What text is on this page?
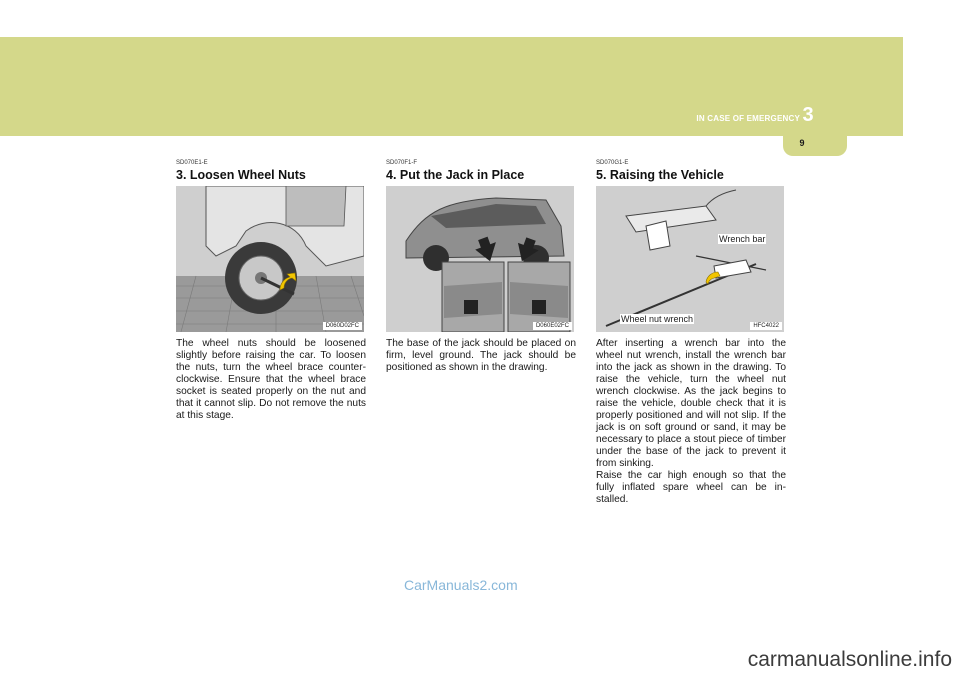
IN CASE OF EMERGENCY 3
9
SD070E1-E
3. Loosen Wheel Nuts
D060D02FC

The wheel nuts should be loosened slightly before raising the car. To loosen the nuts, turn the wheel brace counter-clockwise. Ensure that the wheel brace socket is seated properly on the nut and that it cannot slip. Do not remove the nuts at this stage.

SD070F1-F
4. Put the Jack in Place
D060E02FC

The base of the jack should be placed on firm, level ground. The jack should be positioned as shown in the drawing.

SD070G1-E
5. Raising the Vehicle
Wrench bar
Wheel nut wrench
HFC4022

After inserting a wrench bar into the wheel nut wrench, install the wrench bar into the jack as shown in the drawing. To raise the vehicle, turn the wheel nut wrench clockwise. As the jack begins to raise the vehicle, double check that it is properly positioned and will not slip. If the jack is on soft ground or sand, it may be necessary to place a stout piece of timber under the base of the jack to prevent it from sinking.
Raise the car high enough so that the fully inflated spare wheel can be in-stalled.

CarManuals2.com
carmanualsonline.info
